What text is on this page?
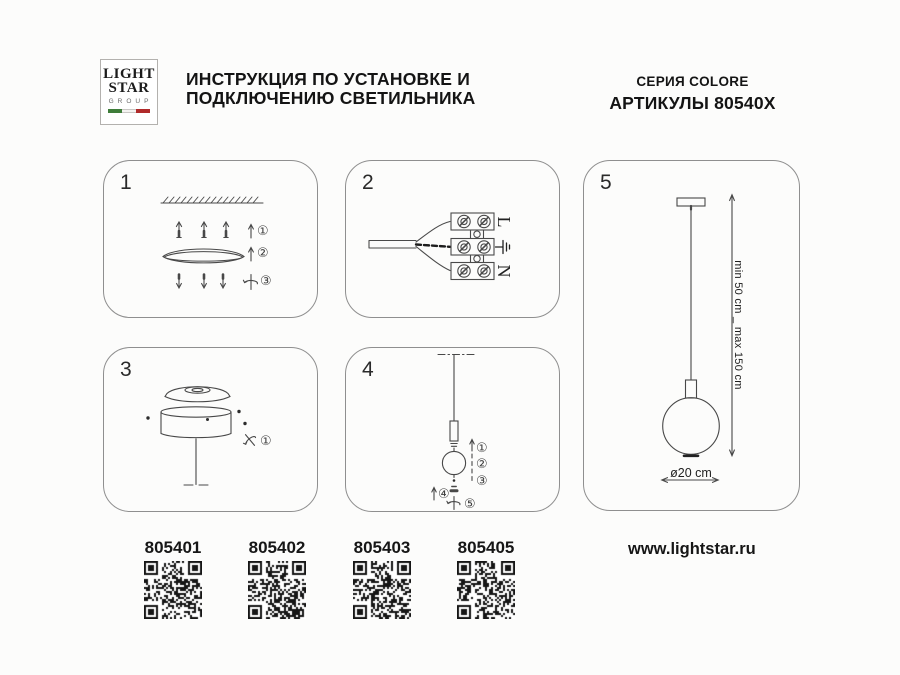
LIGHT
STAR
GROUP
ИНСТРУКЦИЯ ПО УСТАНОВКЕ И
ПОДКЛЮЧЕНИЮ СВЕТИЛЬНИКА
СЕРИЯ COLORE
АРТИКУЛЫ 80540X
1
①
②
③
2
L
N
3
①
4
①
②
③
④
⑤
5
min 50 cm _ max 150 cm
ø20 cm
805401	805402	805403	805405	www.lightstar.ru
